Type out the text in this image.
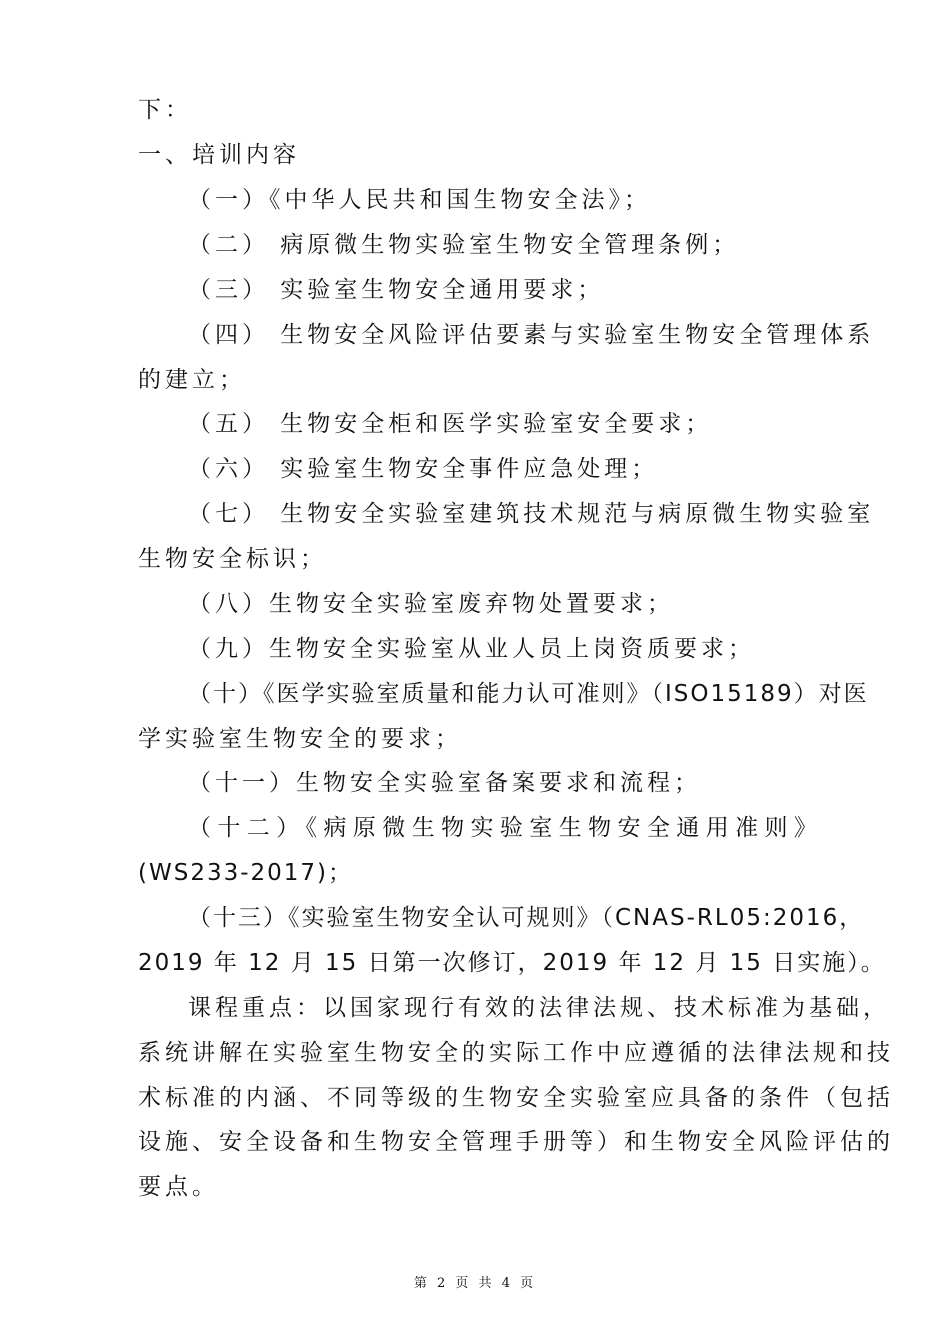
下：
一、培训内容
（一）《中华人民共和国生物安全法》；
（二） 病原微生物实验室生物安全管理条例；
（三） 实验室生物安全通用要求；
（四） 生物安全风险评估要素与实验室生物安全管理体系
的建立；
（五） 生物安全柜和医学实验室安全要求；
（六） 实验室生物安全事件应急处理；
（七） 生物安全实验室建筑技术规范与病原微生物实验室
生物安全标识；
（八）生物安全实验室废弃物处置要求；
（九）生物安全实验室从业人员上岗资质要求；
（十）《医学实验室质量和能力认可准则》（ISO15189）对医
学实验室生物安全的要求；
（十一）生物安全实验室备案要求和流程；
（十二）《病原微生物实验室生物安全通用准则》
(WS233-2017)；
（十三）《实验室生物安全认可规则》（CNAS-RL05:2016，
2019 年 12 月 15 日第一次修订，2019 年 12 月 15 日实施）。
课程重点：以国家现行有效的法律法规、技术标准为基础，
系统讲解在实验室生物安全的实际工作中应遵循的法律法规和技
术标准的内涵、不同等级的生物安全实验室应具备的条件（包括
设施、安全设备和生物安全管理手册等）和生物安全风险评估的
要点。
第 2 页 共 4 页
